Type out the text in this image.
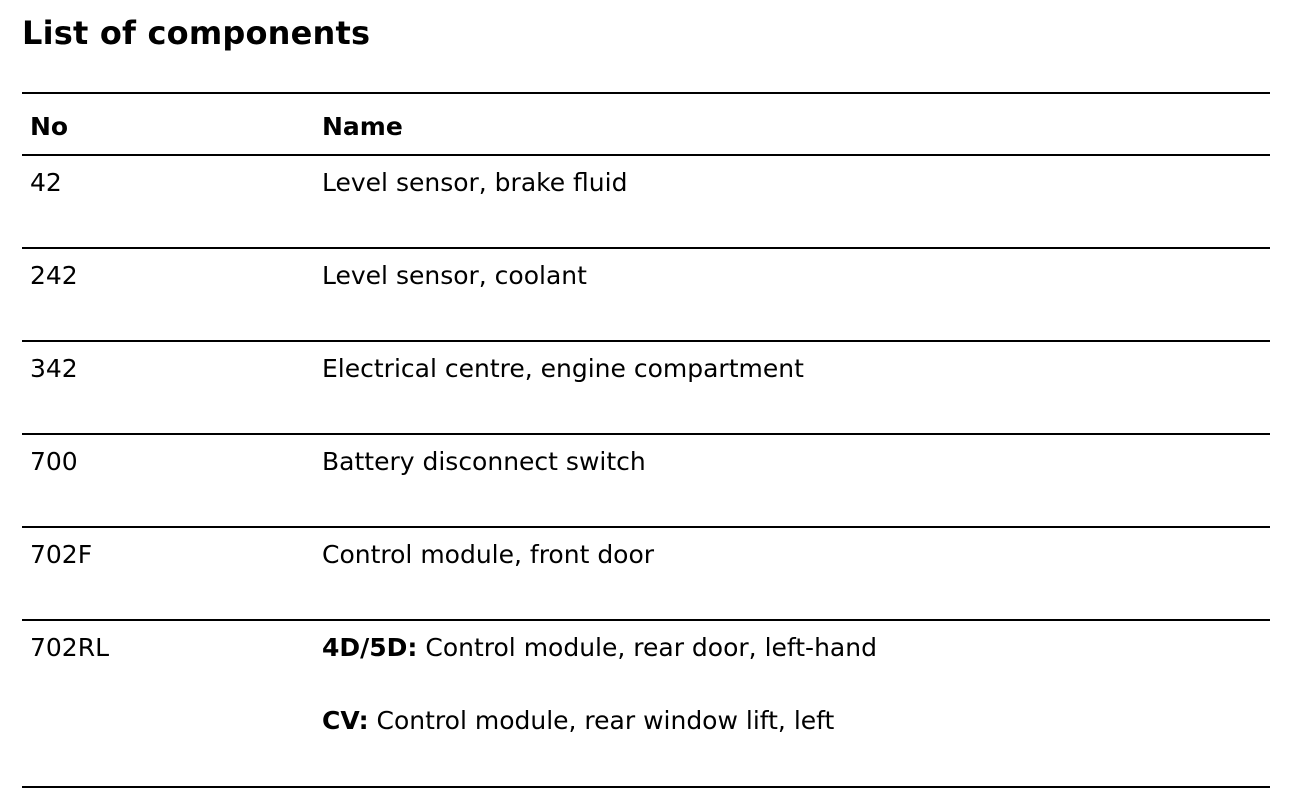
List of components
No	Name
42	Level sensor, brake fluid
242	Level sensor, coolant
342	Electrical centre, engine compartment
700	Battery disconnect switch
702F	Control module, front door
702RL	4D/5D: Control module, rear door, left-hand
CV: Control module, rear window lift, left
